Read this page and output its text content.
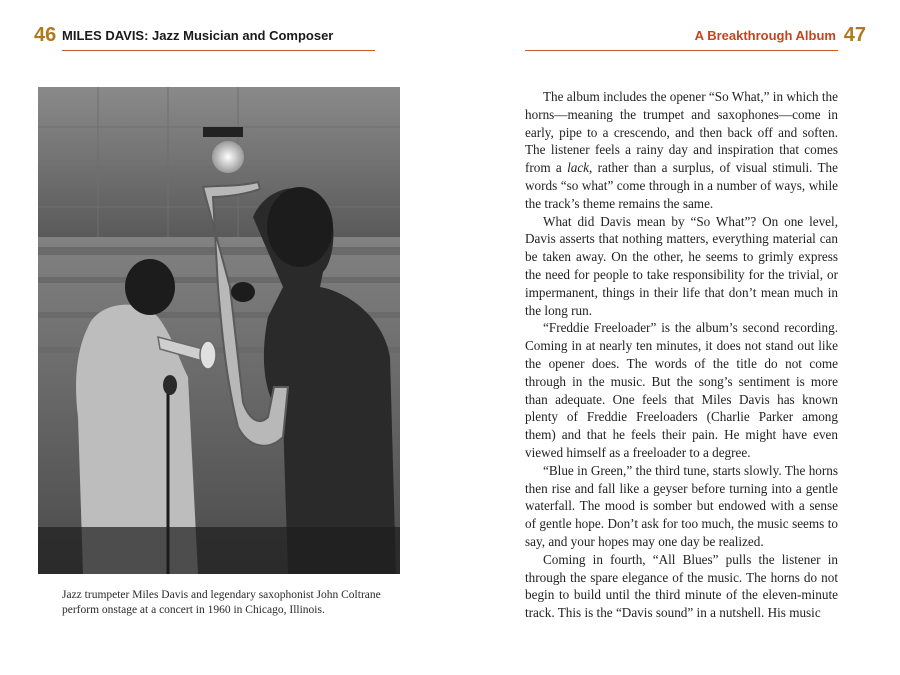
46 MILES DAVIS: Jazz Musician and Composer
Jazz trumpeter Miles Davis and legendary saxophonist John Coltrane perform onstage at a concert in 1960 in Chicago, Illinois.
A Breakthrough Album 47

The album includes the opener “So What,” in which the horns—meaning the trumpet and saxophones—come in early, pipe to a crescendo, and then back off and soften. The listener feels a rainy day and inspiration that comes from a lack, rather than a surplus, of visual stimuli. The words “so what” come through in a number of ways, while the track’s theme remains the same.

What did Davis mean by “So What”? On one level, Davis asserts that nothing matters, everything material can be taken away. On the other, he seems to grimly express the need for people to take responsibility for the trivial, or impermanent, things in their life that don’t mean much in the long run.

“Freddie Freeloader” is the album’s second recording. Coming in at nearly ten minutes, it does not stand out like the opener does. The words of the title do not come through in the music. But the song’s sentiment is more than adequate. One feels that Miles Davis has known plenty of Freddie Freeloaders (Charlie Parker among them) and that he feels their pain. He might have even viewed himself as a freeloader to a degree.

“Blue in Green,” the third tune, starts slowly. The horns then rise and fall like a geyser before turning into a gentle waterfall. The mood is somber but endowed with a sense of gentle hope. Don’t ask for too much, the music seems to say, and your hopes may one day be realized.

Coming in fourth, “All Blues” pulls the listener in through the spare elegance of the music. The horns do not begin to build until the third minute of the eleven-minute track. This is the “Davis sound” in a nutshell. His music
